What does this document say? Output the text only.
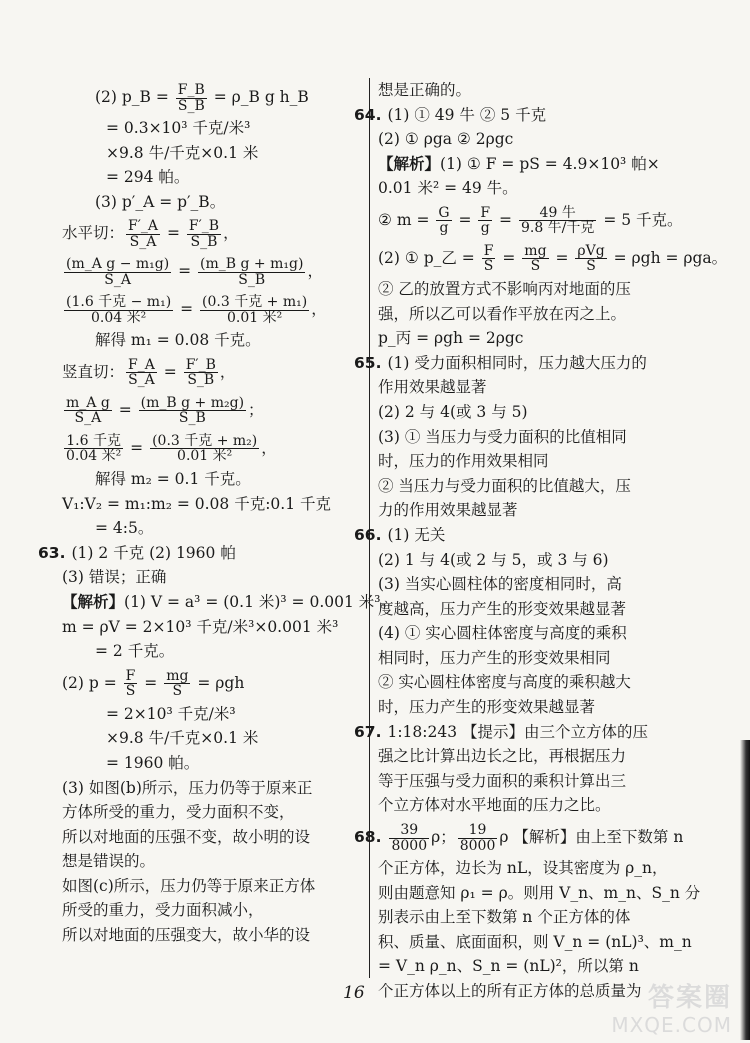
(2) p_B = $\frac{F\_B}{S\_B}$ = ρ_B g h_B
= 0.3×10³ 千克/米³
×9.8 牛/千克×0.1 米
= 294 帕。
(3) p′_A = p′_B。
水平切： $\frac{F'\_A}{S\_A} = \frac{F'\_B}{S\_B}$ ，
$\frac{\text{(m\_A g − m₁g)}}{S\_A} = \frac{\text{(m\_B g + m₁g)}}{S\_B}$ ，
$\frac{\text{(1.6 千克 − m₁)}}{\text{0.04 米²}} = \frac{\text{(0.3 千克 + m₁)}}{\text{0.01 米²}}$ ，
解得 m₁ = 0.08 千克。
竖直切： $\frac{F\_A}{S\_A} = \frac{F'\_B}{S\_B}$ ，
$\frac{\text{m\_A g}}{S\_A} = \frac{\text{(m\_B g + m₂g)}}{S\_B}$ ；
$\frac{\text{1.6 千克}}{\text{0.04 米²}} = \frac{\text{(0.3 千克 + m₂)}}{\text{0.01 米²}}$ ，
解得 m₂ = 0.1 千克。
V₁:V₂ = m₁:m₂ = 0.08 千克:0.1 千克
= 4:5。
63. (1) 2 千克 (2) 1960 帕
(3) 错误；正确
【解析】(1) V = a³ = (0.1 米)³ = 0.001 米³。
m = ρV = 2×10³ 千克/米³×0.001 米³
= 2 千克。
(2) $p = \frac{F}{S} = \frac{mg}{S} = \rho gh$
= 2×10³ 千克/米³
×9.8 牛/千克×0.1 米
= 1960 帕。
(3) 如图(b)所示，压力仍等于原来正
方体所受的重力，受力面积不变，
所以对地面的压强不变，故小明的设
想是错误的。
如图(c)所示，压力仍等于原来正方体
所受的重力，受力面积减小，
所以对地面的压强变大，故小华的设
想是正确的。
64. (1) ① 49 牛 ② 5 千克
(2) ① ρga ② 2ρgc
【解析】(1) ① F = pS = 4.9×10³ 帕×
0.01 米² = 49 牛。
② $m = \frac{G}{g} = \frac{F}{g} = \frac{\text{49 牛}}{\text{9.8 牛/千克}} = 5$ 千克。
(2) ① p_乙 = $\frac{F}{S} = \frac{mg}{S} = \frac{\text{ρVg}}{S} = \rho gh = \rho ga$。
② 乙的放置方式不影响丙对地面的压
强，所以乙可以看作平放在丙之上。
p_丙 = ρgh = 2ρgc
65. (1) 受力面积相同时，压力越大压力的
作用效果越显著
(2) 2 与 4(或 3 与 5)
(3) ① 当压力与受力面积的比值相同
时，压力的作用效果相同
② 当压力与受力面积的比值越大，压
力的作用效果越显著
66. (1) 无关
(2) 1 与 4(或 2 与 5，或 3 与 6)
(3) 当实心圆柱体的密度相同时，高
度越高，压力产生的形变效果越显著
(4) ① 实心圆柱体密度与高度的乘积
相同时，压力产生的形变效果相同
② 实心圆柱体密度与高度的乘积越大
时，压力产生的形变效果越显著
67. 1:18:243 【提示】由三个立方体的压
强之比计算出边长之比，再根据压力
等于压强与受力面积的乘积计算出三
个立方体对水平地面的压力之比。
68. $\frac{39}{8000}$ ρ； $\frac{19}{8000}$ ρ 【解析】由上至下数第 n
个正方体，边长为 nL，设其密度为 ρ_n，
则由题意知 ρ₁ = ρ。则用 V_n、m_n、S_n 分
别表示由上至下数第 n 个正方体的体
积、质量、底面面积，则 V_n = (nL)³、m_n
= V_n ρ_n、S_n = (nL)²，所以第 n
个正方体以上的所有正方体的总质量为
16	答案圈
MXQE.COM
